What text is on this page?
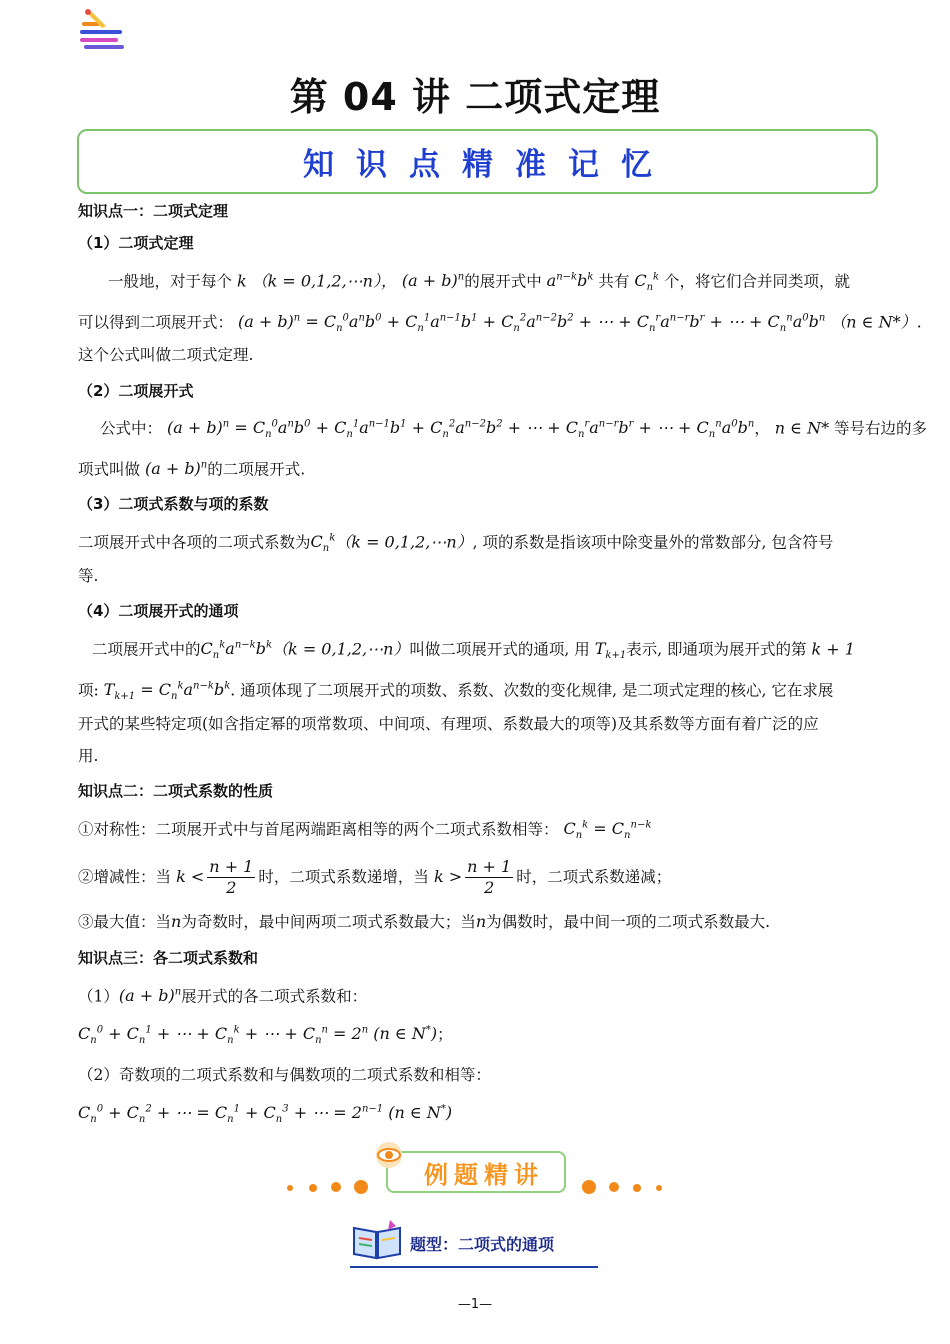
第 04 讲 二项式定理
知识点精准记忆
知识点一：二项式定理
（1）二项式定理
一般地，对于每个 k （k = 0,1,2,⋯n）， $(a + b)^n$的展开式中 $a^{n-k}b^k$ 共有 $C_n^k$ 个，将它们合并同类项，就
可以得到二项展开式： $(a + b)^n = C_n^0a^nb^0 + C_n^1a^{n-1}b^1 + C_n^2a^{n-2}b^2$ + ⋯ + $C_n^ra^{n-r}b^r$ + ⋯ + $C_n^na^0b^n$ （n ∈ N*）.
这个公式叫做二项式定理.
（2）二项展开式
公式中： $(a + b)^n = C_n^0a^nb^0 + C_n^1a^{n-1}b^1 + C_n^2a^{n-2}b^2$ + ⋯ + $C_n^ra^{n-r}b^r$ + ⋯ + $C_n^na^0b^n$， n ∈ N* 等号右边的多
项式叫做 $(a + b)^n$的二项展开式.
（3）二项式系数与项的系数
二项展开式中各项的二项式系数为$C_n^k(k$ = 0,1,2,⋯n）, 项的系数是指该项中除变量外的常数部分, 包含符号
等.
（4）二项展开式的通项
二项展开式中的$C_n^ka^{n-k}b^k(k$ = 0,1,2,⋯n）叫做二项展开式的通项, 用 $T_{k+1}$表示, 即通项为展开式的第 k + 1
项: $T_{k+1} = C_n^ka^{n-k}b^k$. 通项体现了二项展开式的项数、系数、次数的变化规律, 是二项式定理的核心, 它在求展
开式的某些特定项(如含指定幂的项常数项、中间项、有理项、系数最大的项等)及其系数等方面有着广泛的应
用.
知识点二：二项式系数的性质
①对称性：二项展开式中与首尾两端距离相等的两个二项式系数相等： $C_n^k = C_n^{n-k}$
②增减性：当 $k < \frac{n + 1}{2}$ 时，二项式系数递增，当 $k > \frac{n + 1}{2}$ 时，二项式系数递减；
③最大值：当n为奇数时，最中间两项二项式系数最大；当n为偶数时，最中间一项的二项式系数最大.
知识点三：各二项式系数和
$(1)(a + b)^n$展开式的各二项式系数和：
$C_n^0 + C_n^1$ + ⋯ + $C_n^k$ + ⋯ + $C_n^n = 2^n$ (n ∈ N*)；
（2）奇数项的二项式系数和与偶数项的二项式系数和相等：
$C_n^0 + C_n^2$ + ⋯ = $C_n^1 + C_n^3$ + ⋯ = $2^{n-1}$ (n ∈ N*)
例题精讲
题型：二项式的通项
—1—
